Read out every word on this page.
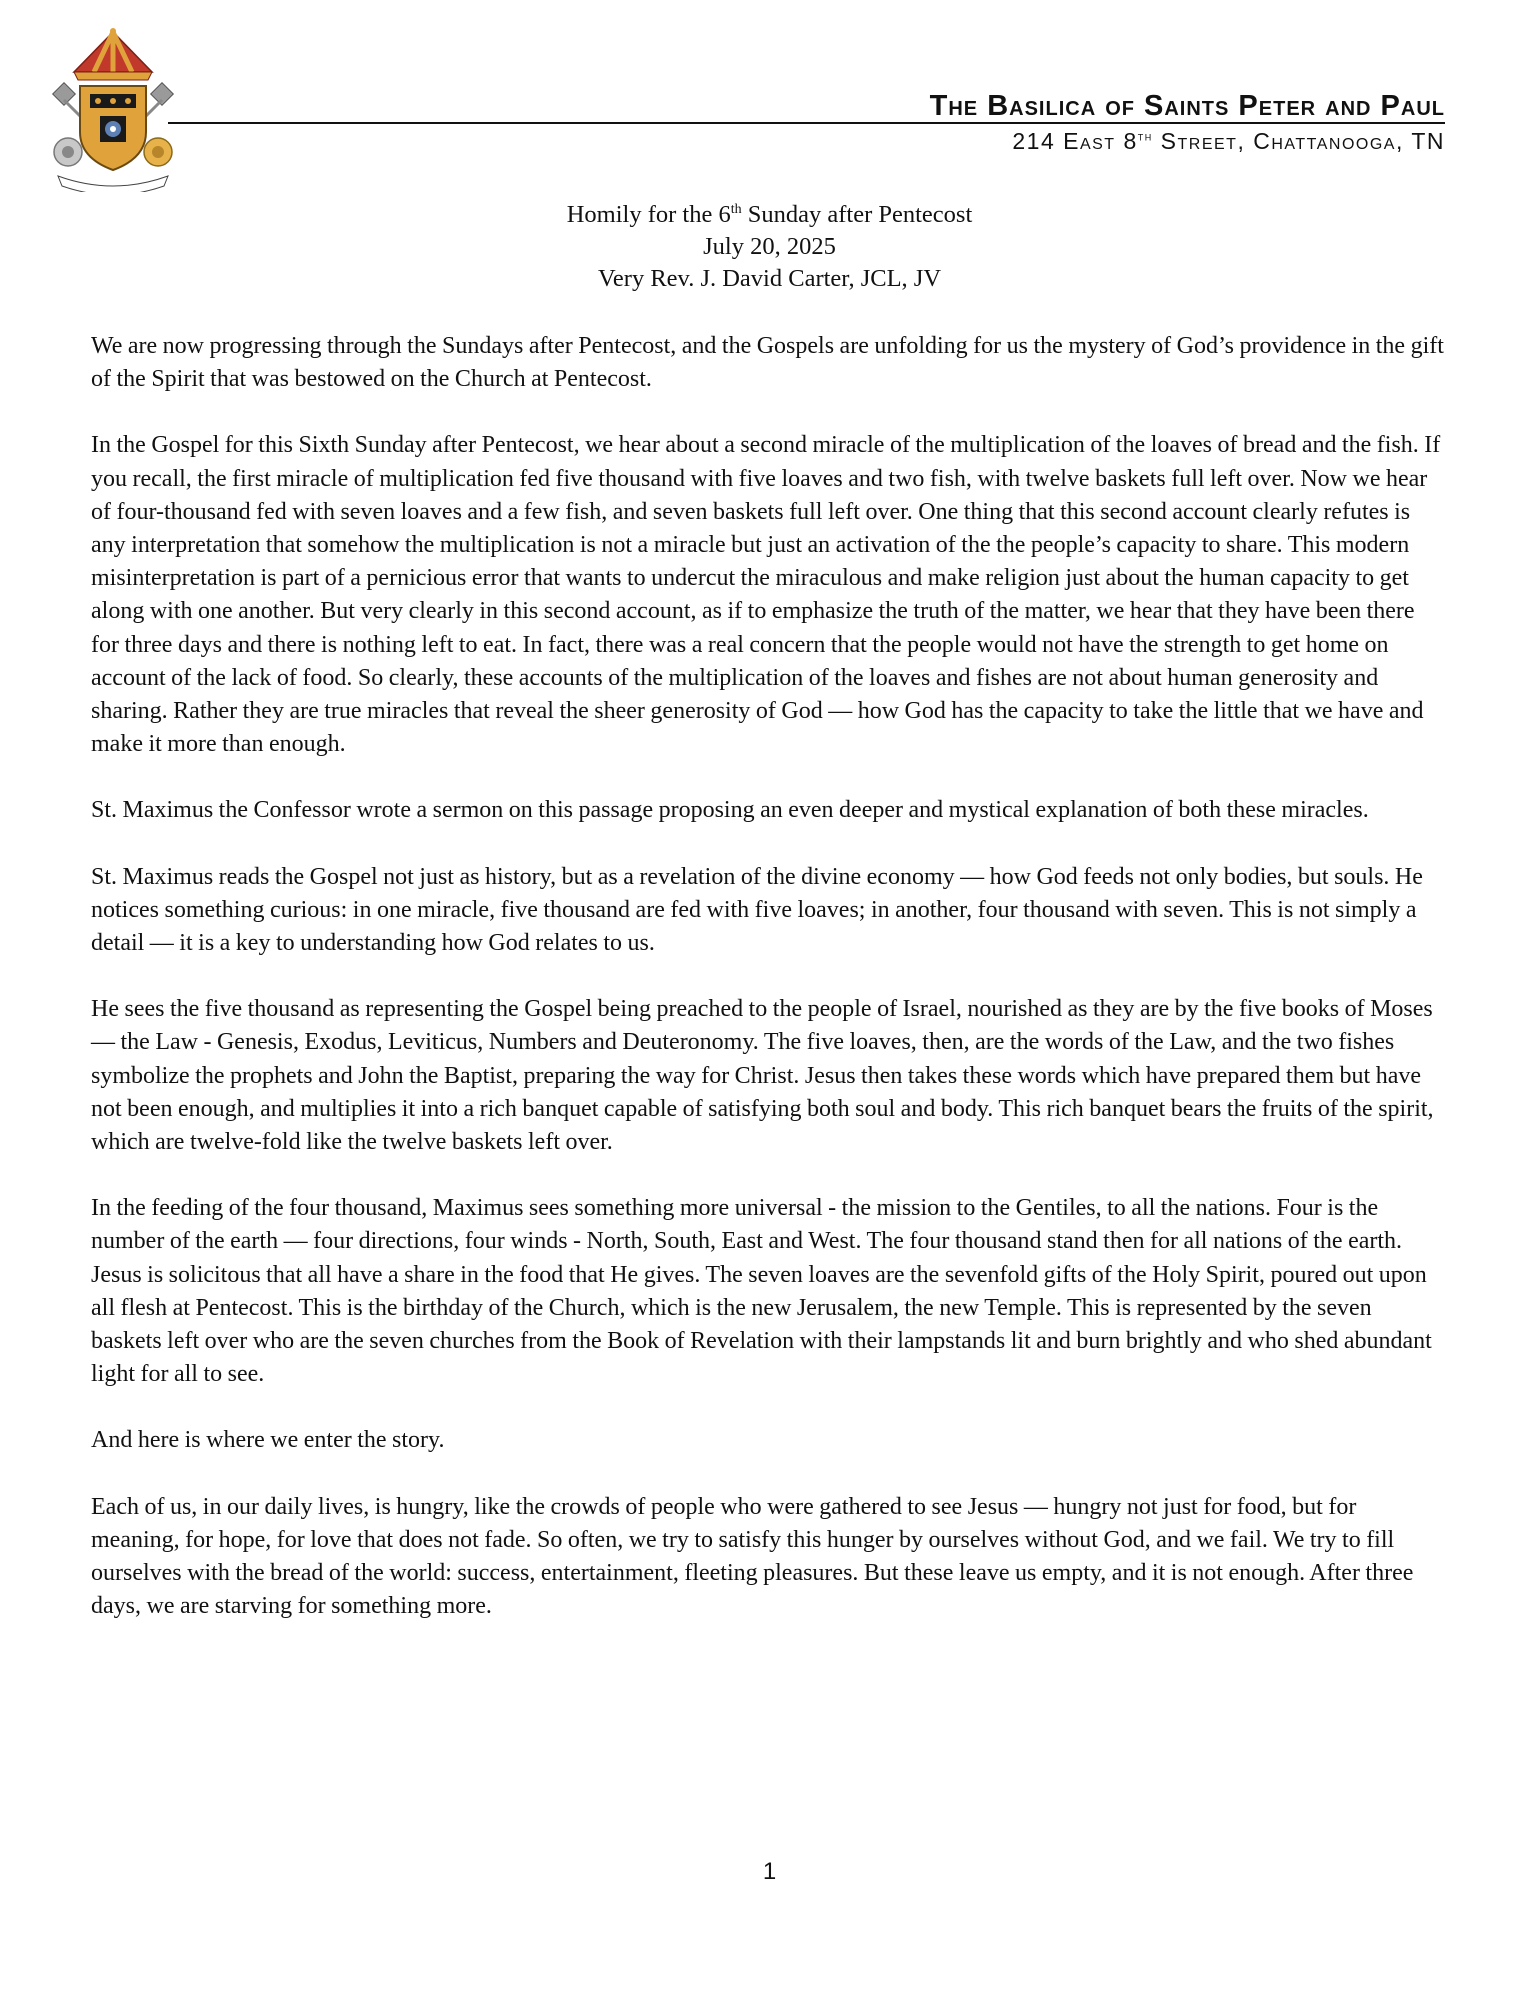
The Basilica of Saints Peter and Paul
214 East 8th Street, Chattanooga, TN
Homily for the 6th Sunday after Pentecost
July 20, 2025
Very Rev. J. David Carter, JCL, JV

We are now progressing through the Sundays after Pentecost, and the Gospels are unfolding for us the mystery of God’s providence in the gift of the Spirit that was bestowed on the Church at Pentecost.

In the Gospel for this Sixth Sunday after Pentecost, we hear about a second miracle of the multiplication of the loaves of bread and the fish. If you recall, the first miracle of multiplication fed five thousand with five loaves and two fish, with twelve baskets full left over. Now we hear of four-thousand fed with seven loaves and a few fish, and seven baskets full left over. One thing that this second account clearly refutes is any interpretation that somehow the multiplication is not a miracle but just an activation of the the people’s capacity to share. This modern misinterpretation is part of a pernicious error that wants to undercut the miraculous and make religion just about the human capacity to get along with one another. But very clearly in this second account, as if to emphasize the truth of the matter, we hear that they have been there for three days and there is nothing left to eat. In fact, there was a real concern that the people would not have the strength to get home on account of the lack of food. So clearly, these accounts of the multiplication of the loaves and fishes are not about human generosity and sharing. Rather they are true miracles that reveal the sheer generosity of God — how God has the capacity to take the little that we have and make it more than enough.

St. Maximus the Confessor wrote a sermon on this passage proposing an even deeper and mystical explanation of both these miracles.

St. Maximus reads the Gospel not just as history, but as a revelation of the divine economy — how God feeds not only bodies, but souls. He notices something curious: in one miracle, five thousand are fed with five loaves; in another, four thousand with seven. This is not simply a detail — it is a key to understanding how God relates to us.

He sees the five thousand as representing the Gospel being preached to the people of Israel, nourished as they are by the five books of Moses — the Law - Genesis, Exodus, Leviticus, Numbers and Deuteronomy. The five loaves, then, are the words of the Law, and the two fishes symbolize the prophets and John the Baptist, preparing the way for Christ. Jesus then takes these words which have prepared them but have not been enough, and multiplies it into a rich banquet capable of satisfying both soul and body. This rich banquet bears the fruits of the spirit, which are twelve-fold like the twelve baskets left over.

In the feeding of the four thousand, Maximus sees something more universal - the mission to the Gentiles, to all the nations. Four is the number of the earth — four directions, four winds - North, South, East and West. The four thousand stand then for all nations of the earth. Jesus is solicitous that all have a share in the food that He gives. The seven loaves are the sevenfold gifts of the Holy Spirit, poured out upon all flesh at Pentecost. This is the birthday of the Church, which is the new Jerusalem, the new Temple. This is represented by the seven baskets left over who are the seven churches from the Book of Revelation with their lampstands lit and burn brightly and who shed abundant light for all to see.

And here is where we enter the story.

Each of us, in our daily lives, is hungry, like the crowds of people who were gathered to see Jesus — hungry not just for food, but for meaning, for hope, for love that does not fade. So often, we try to satisfy this hunger by ourselves without God, and we fail. We try to fill ourselves with the bread of the world: success, entertainment, fleeting pleasures. But these leave us empty, and it is not enough. After three days, we are starving for something more.

1
